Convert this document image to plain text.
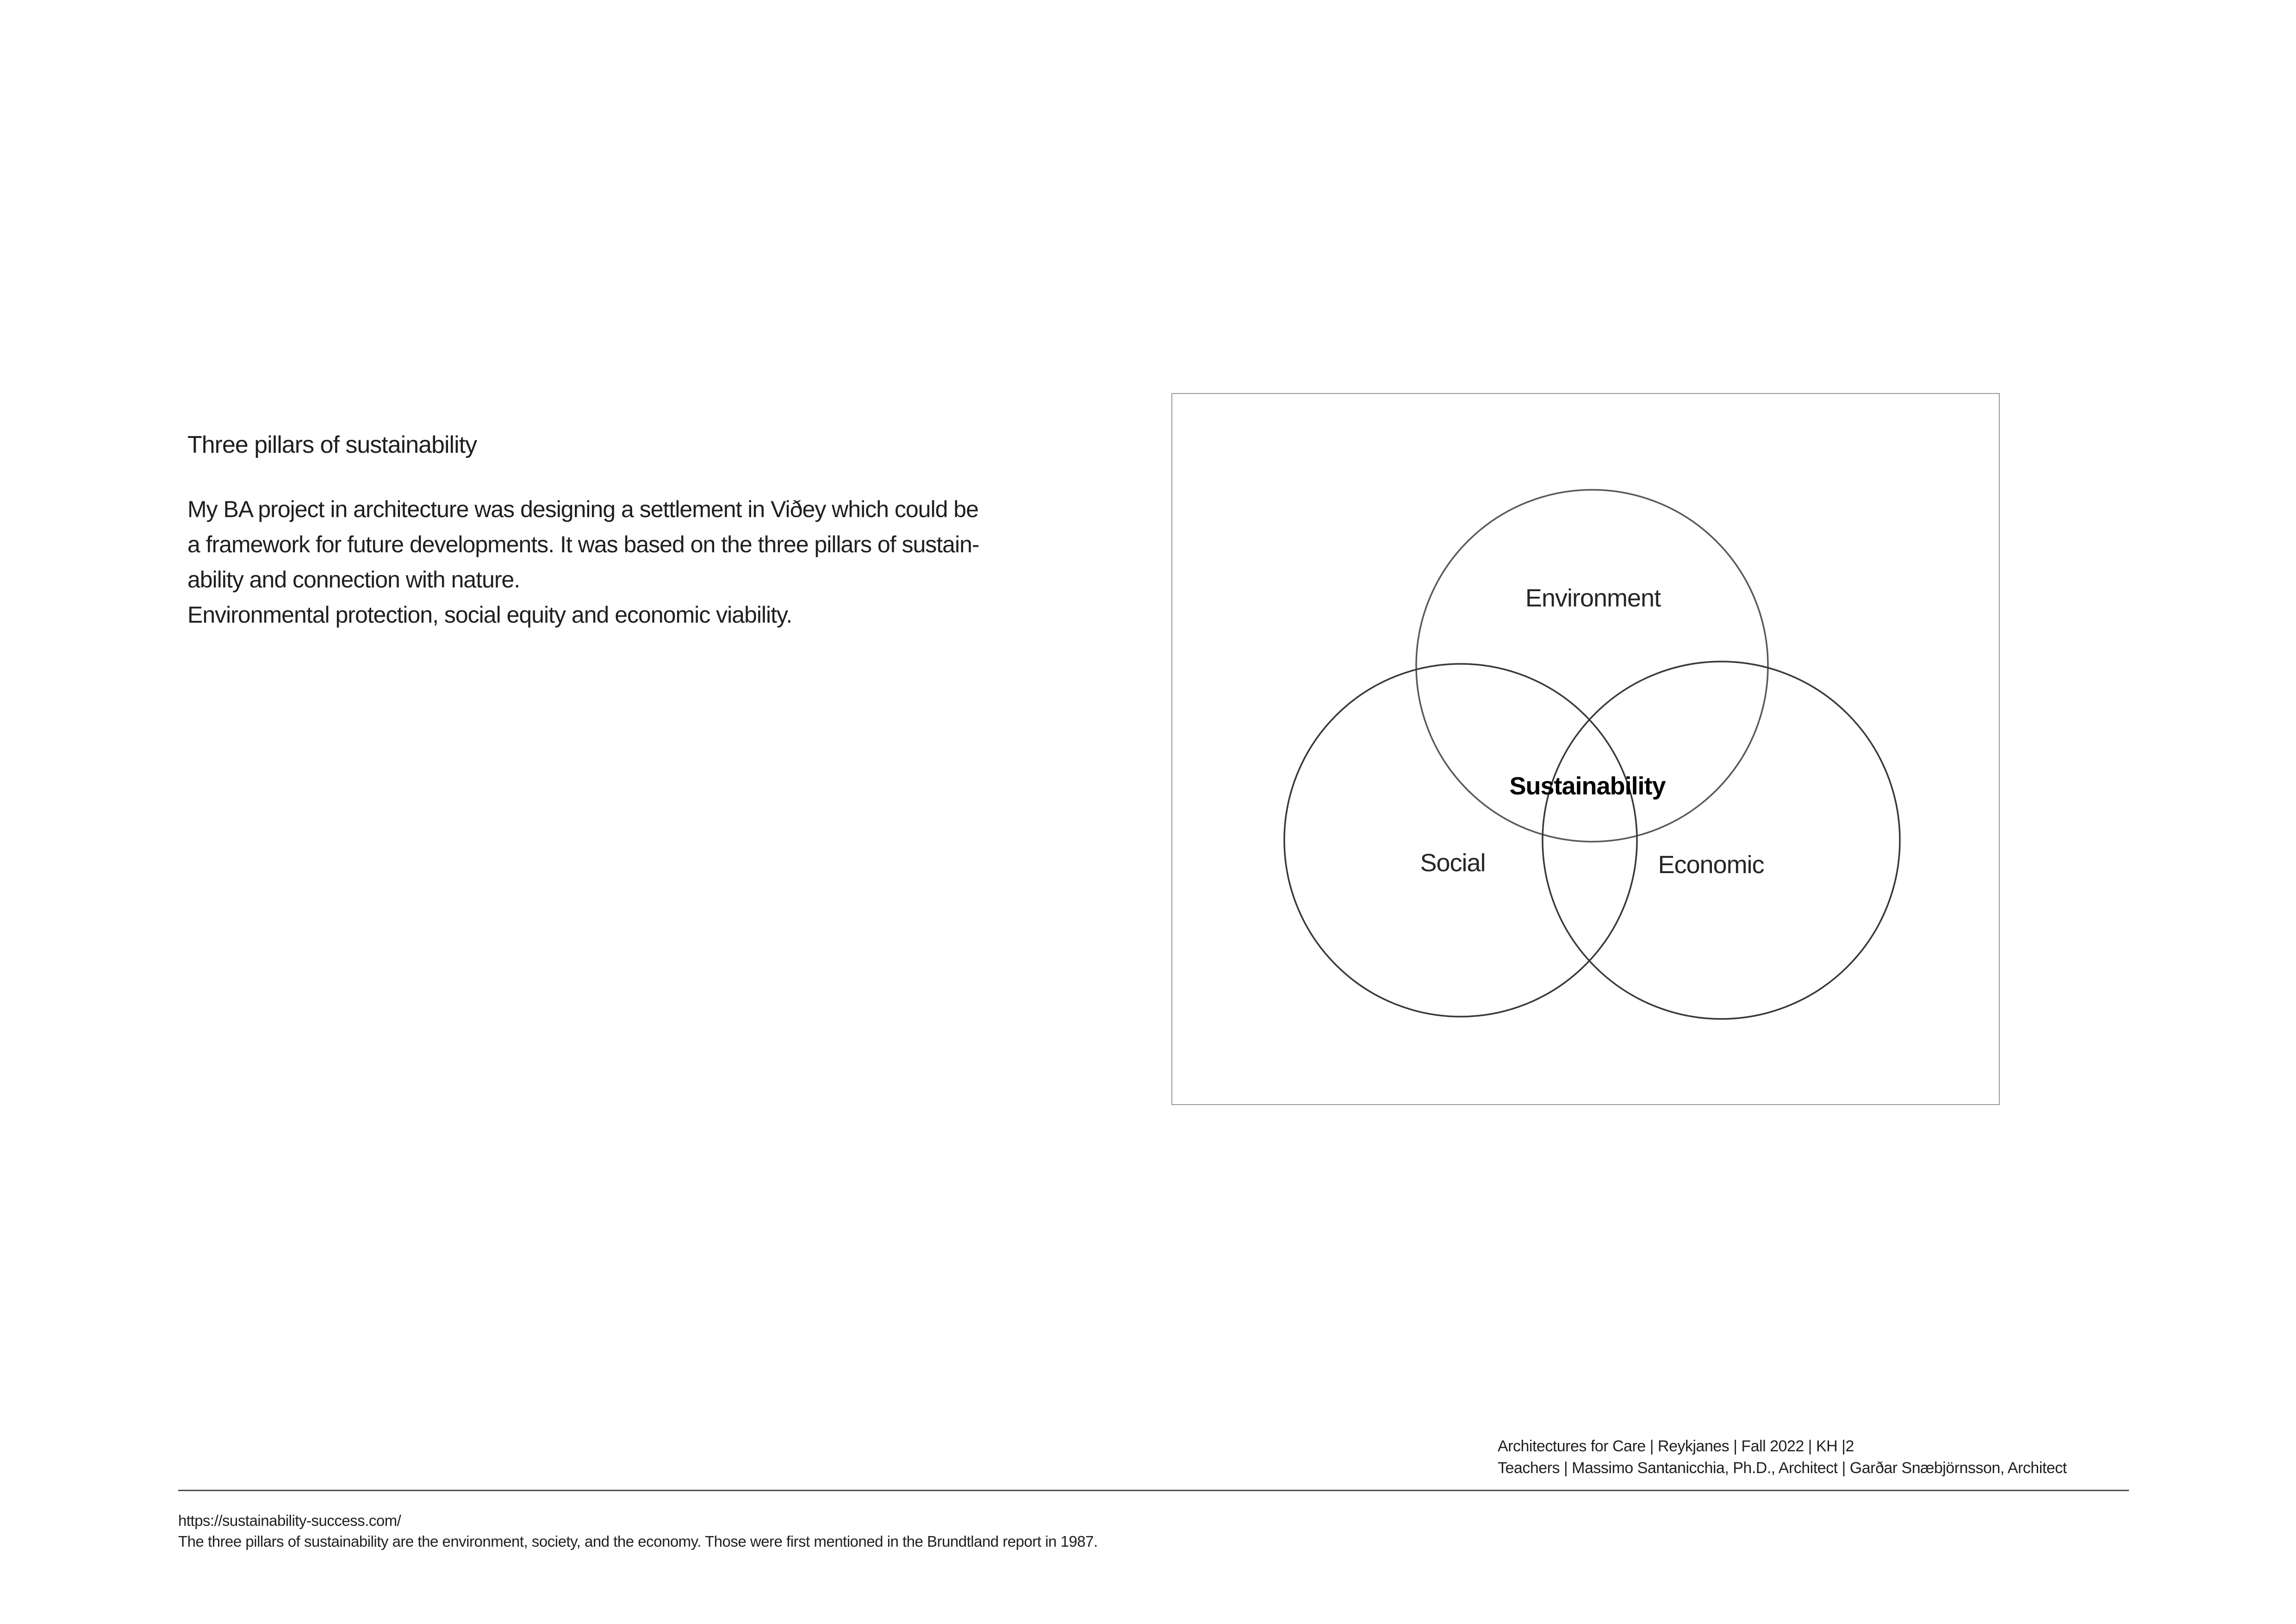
Three pillars of sustainability
My BA project in architecture was designing a settlement in Viðey which could be
a framework for future developments. It was based on the three pillars of sustain-
ability and connection with nature.
Environmental protection, social equity and economic viability.
Environment
Social	Economic
Sustainability
Architectures for Care | Reykjanes | Fall 2022 | KH |2
Teachers | Massimo Santanicchia, Ph.D., Architect | Garðar Snæbjörnsson, Architect
https://sustainability-success.com/
The three pillars of sustainability are the environment, society, and the economy. Those were first mentioned in the Brundtland report in 1987.
